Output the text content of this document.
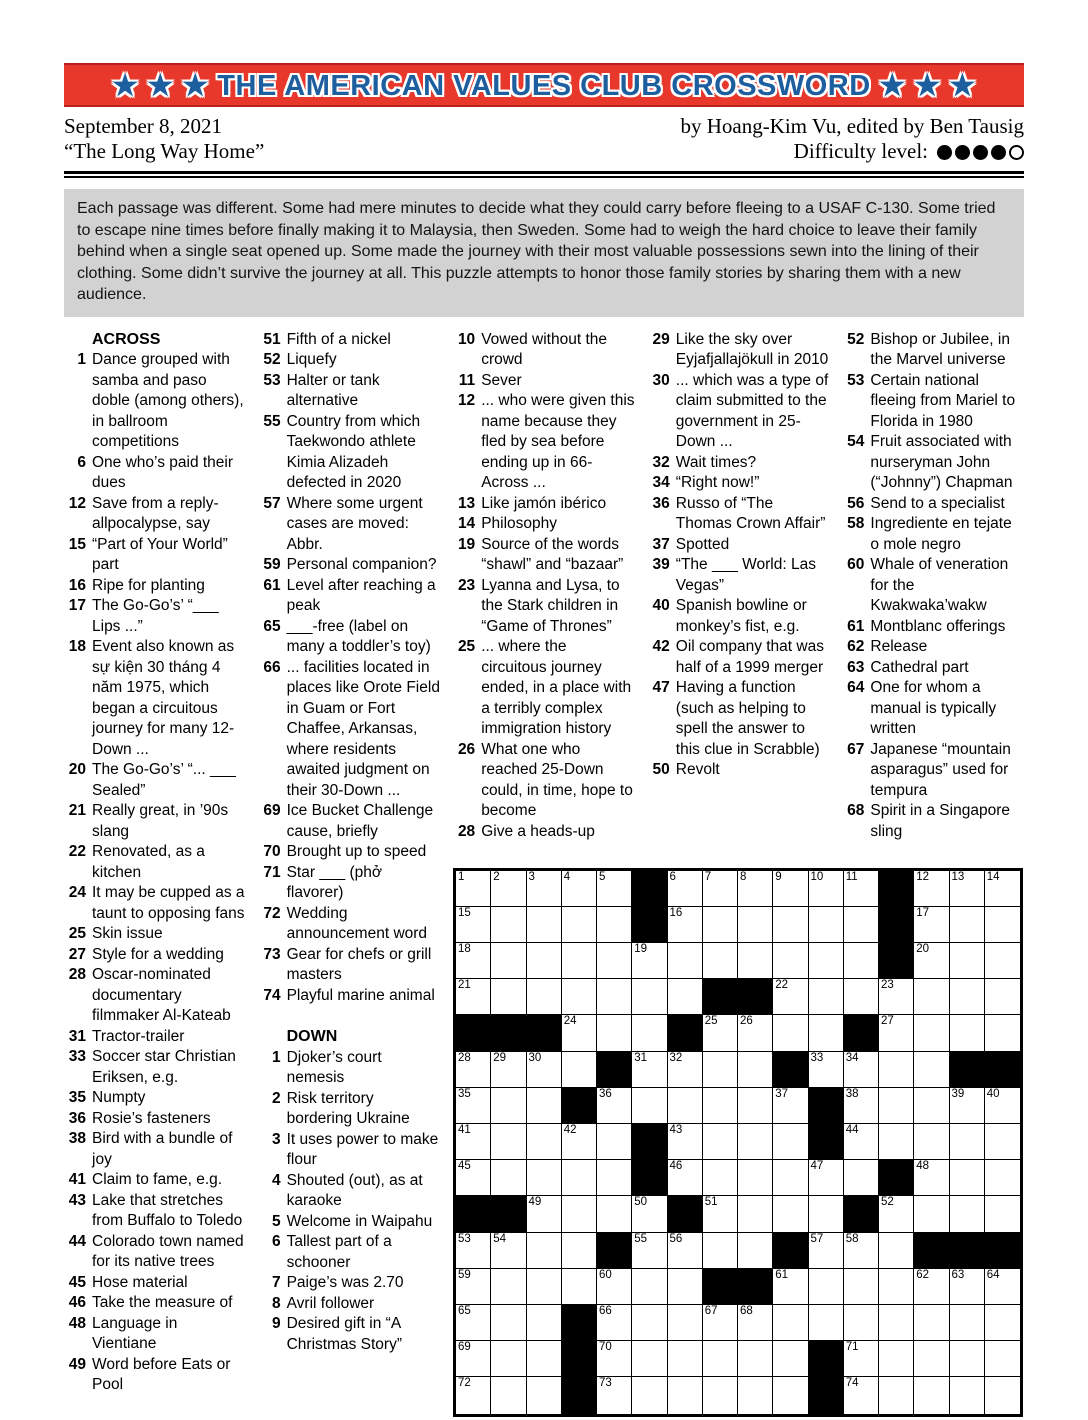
★ ★ ★ THE AMERICAN VALUES CLUB CROSSWORD ★ ★ ★
September 8, 2021	by Hoang-Kim Vu, edited by Ben Tausig
“The Long Way Home”	Difficulty level:
Each passage was different. Some had mere minutes to decide what they could carry before fleeing to a USAF C-130. Some tried to escape nine times before finally making it to Malaysia, then Sweden. Some had to weigh the hard choice to leave their family behind when a single seat opened up. Some made the journey with their most valuable possessions sewn into the lining of their clothing. Some didn’t survive the journey at all. This puzzle attempts to honor those family stories by sharing them with a new audience.
ACROSS
1 Dance grouped with samba and paso doble (among others), in ballroom competitions
6 One who’s paid their dues
12 Save from a reply-allpocalypse, say
15 “Part of Your World” part
16 Ripe for planting
17 The Go-Go’s’ “___ Lips ...”
18 Event also known as sự kiện 30 tháng 4 năm 1975, which began a circuitous journey for many 12-Down ...
20 The Go-Go’s’ “... ___ Sealed”
21 Really great, in ’90s slang
22 Renovated, as a kitchen
24 It may be cupped as a taunt to opposing fans
25 Skin issue
27 Style for a wedding
28 Oscar-nominated documentary filmmaker Al-Kateab
31 Tractor-trailer
33 Soccer star Christian Eriksen, e.g.
35 Numpty
36 Rosie’s fasteners
38 Bird with a bundle of joy
41 Claim to fame, e.g.
43 Lake that stretches from Buffalo to Toledo
44 Colorado town named for its native trees
45 Hose material
46 Take the measure of
48 Language in Vientiane
49 Word before Eats or Pool
51 Fifth of a nickel
52 Liquefy
53 Halter or tank alternative
55 Country from which Taekwondo athlete Kimia Alizadeh defected in 2020
57 Where some urgent cases are moved: Abbr.
59 Personal companion?
61 Level after reaching a peak
65 ___-free (label on many a toddler’s toy)
66 ... facilities located in places like Orote Field in Guam or Fort Chaffee, Arkansas, where residents awaited judgment on their 30-Down ...
69 Ice Bucket Challenge cause, briefly
70 Brought up to speed
71 Star ___ (phở flavorer)
72 Wedding announcement word
73 Gear for chefs or grill masters
74 Playful marine animal
DOWN
1 Djoker’s court nemesis
2 Risk territory bordering Ukraine
3 It uses power to make flour
4 Shouted (out), as at karaoke
5 Welcome in Waipahu
6 Tallest part of a schooner
7 Paige’s was 2.70
8 Avril follower
9 Desired gift in “A Christmas Story”
10 Vowed without the crowd
11 Sever
12 ... who were given this name because they fled by sea before ending up in 66-Across ...
13 Like jamón ibérico
14 Philosophy
19 Source of the words “shawl” and “bazaar”
23 Lyanna and Lysa, to the Stark children in “Game of Thrones”
25 ... where the circuitous journey ended, in a place with a terribly complex immigration history
26 What one who reached 25-Down could, in time, hope to become
28 Give a heads-up
29 Like the sky over Eyjafjallajökull in 2010
30 ... which was a type of claim submitted to the government in 25-Down ...
32 Wait times?
34 “Right now!”
36 Russo of “The Thomas Crown Affair”
37 Spotted
39 “The ___ World: Las Vegas”
40 Spanish bowline or monkey’s fist, e.g.
42 Oil company that was half of a 1999 merger
47 Having a function (such as helping to spell the answer to this clue in Scrabble)
50 Revolt
52 Bishop or Jubilee, in the Marvel universe
53 Certain national fleeing from Mariel to Florida in 1980
54 Fruit associated with nurseryman John (“Johnny”) Chapman
56 Send to a specialist
58 Ingrediente en tejate o mole negro
60 Whale of veneration for the Kwakwaka’wakw
61 Montblanc offerings
62 Release
63 Cathedral part
64 One for whom a manual is typically written
67 Japanese “mountain asparagus” used for tempura
68 Spirit in a Singapore sling
1	2	3	4	5	6	7	8	9	10 11	12 13 14
15	16	17
18	19	20
21	22	23
24	25 26	27
28 29 30	31 32	33 34
35	36	37	38	39 40
41	42	43	44
45	46	47	48
49	50	51	52
53 54	55 56	57 58
59	60	61	62 63 64
65	66	67 68
69	70	71
72	73	74
